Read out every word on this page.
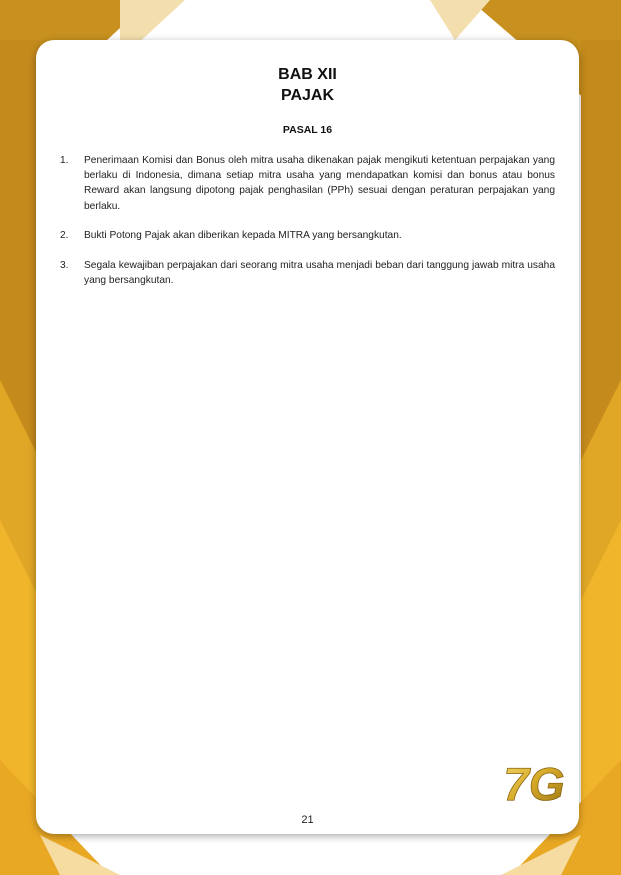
BAB XII
PAJAK
PASAL 16
1. Penerimaan Komisi dan Bonus oleh mitra usaha dikenakan pajak mengikuti ketentuan perpajakan yang berlaku di Indonesia, dimana setiap mitra usaha yang mendapatkan komisi dan bonus atau bonus Reward akan langsung dipotong pajak penghasilan (PPh) sesuai dengan peraturan perpajakan yang berlaku.
2. Bukti Potong Pajak akan diberikan kepada MITRA yang bersangkutan.
3. Segala kewajiban perpajakan dari seorang mitra usaha menjadi beban dari tanggung jawab mitra usaha yang bersangkutan.
7G
21
